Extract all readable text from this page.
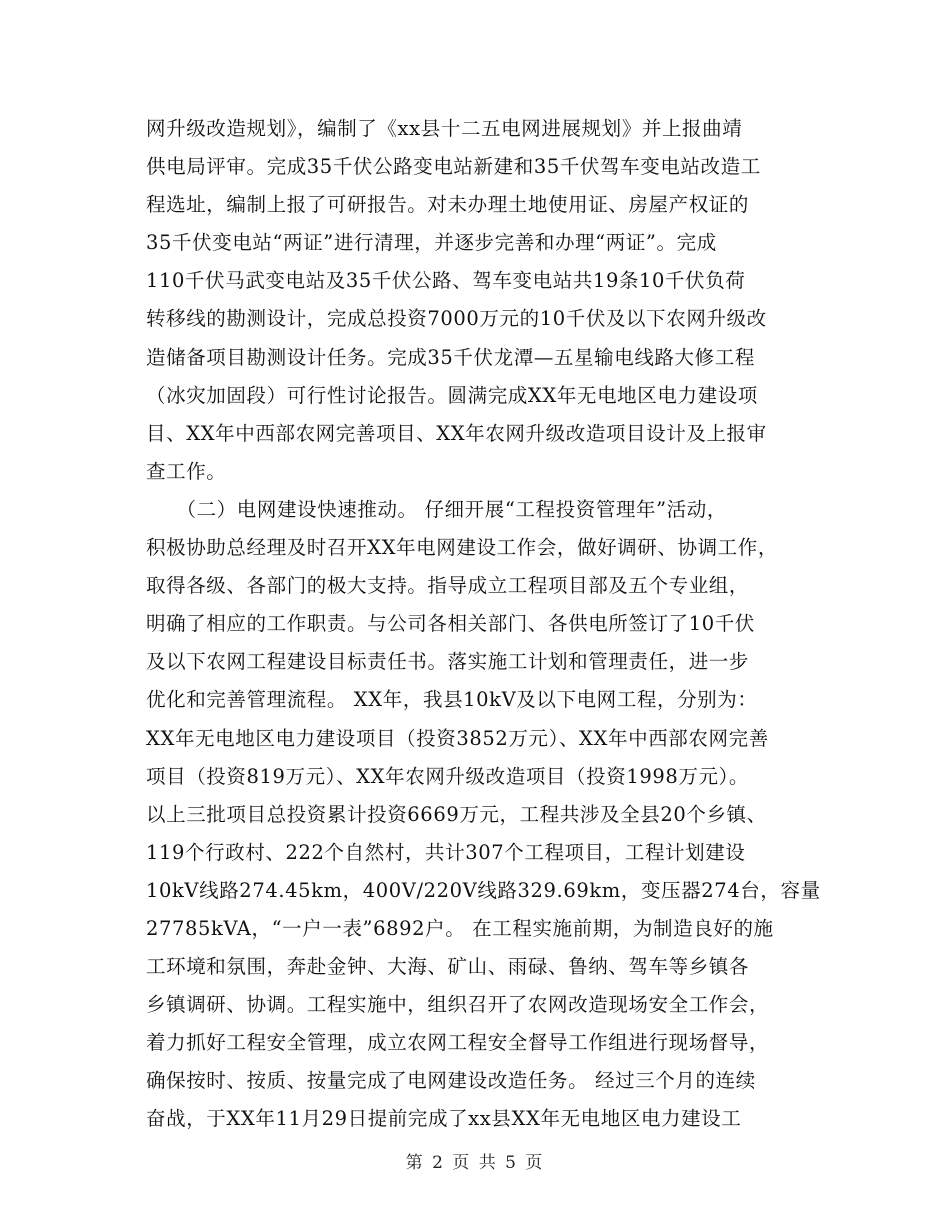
网升级改造规划》，编制了《xx县十二五电网进展规划》并上报曲靖
供电局评审。完成35千伏公路变电站新建和35千伏驾车变电站改造工
程选址，编制上报了可研报告。对未办理土地使用证、房屋产权证的
35千伏变电站“两证”进行清理，并逐步完善和办理“两证”。完成
110千伏马武变电站及35千伏公路、驾车变电站共19条10千伏负荷
转移线的勘测设计，完成总投资7000万元的10千伏及以下农网升级改
造储备项目勘测设计任务。完成35千伏龙潭—五星输电线路大修工程
（冰灾加固段）可行性讨论报告。圆满完成XX年无电地区电力建设项
目、XX年中西部农网完善项目、XX年农网升级改造项目设计及上报审
查工作。
　　（二）电网建设快速推动。 仔细开展“工程投资管理年”活动，
积极协助总经理及时召开XX年电网建设工作会，做好调研、协调工作，
取得各级、各部门的极大支持。指导成立工程项目部及五个专业组，
明确了相应的工作职责。与公司各相关部门、各供电所签订了10千伏
及以下农网工程建设目标责任书。落实施工计划和管理责任，进一步
优化和完善管理流程。 XX年，我县10kV及以下电网工程，分别为：
XX年无电地区电力建设项目（投资3852万元）、XX年中西部农网完善
项目（投资819万元）、XX年农网升级改造项目（投资1998万元）。
以上三批项目总投资累计投资6669万元，工程共涉及全县20个乡镇、
119个行政村、222个自然村，共计307个工程项目，工程计划建设
10kV线路274.45km，400V/220V线路329.69km，变压器274台，容量
27785kVA，“一户一表”6892户。 在工程实施前期，为制造良好的施
工环境和氛围，奔赴金钟、大海、矿山、雨碌、鲁纳、驾车等乡镇各
乡镇调研、协调。工程实施中，组织召开了农网改造现场安全工作会，
着力抓好工程安全管理，成立农网工程安全督导工作组进行现场督导，
确保按时、按质、按量完成了电网建设改造任务。 经过三个月的连续
奋战，于XX年11月29日提前完成了xx县XX年无电地区电力建设工
第 2 页 共 5 页
